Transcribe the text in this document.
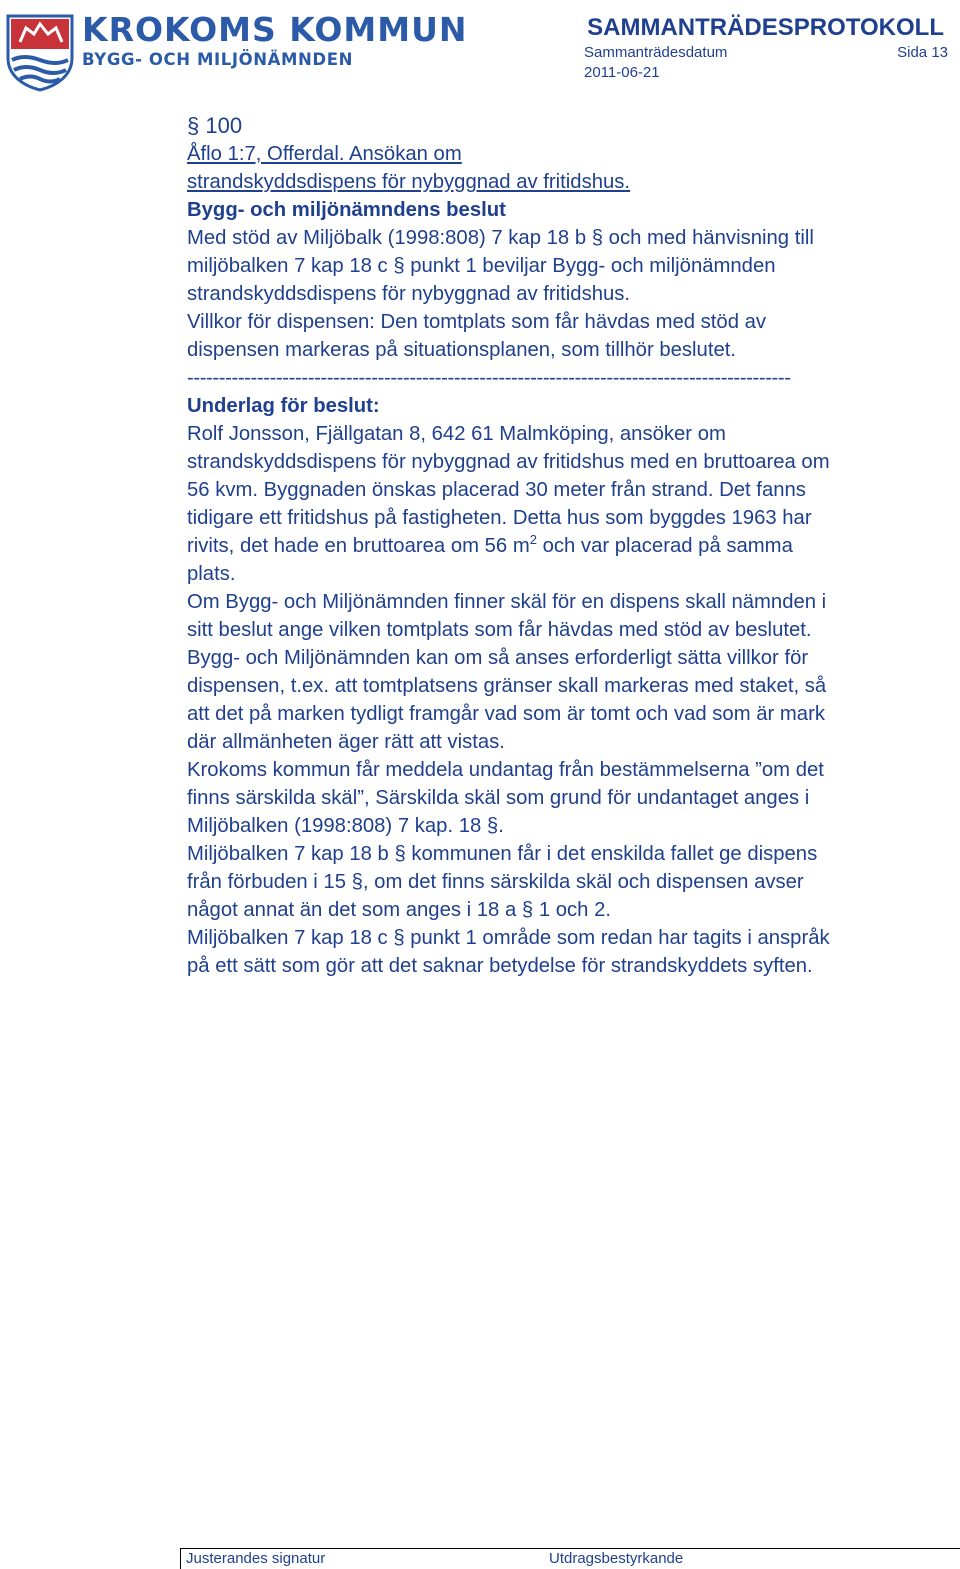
KROKOMS KOMMUN
BYGG- OCH MILJÖNÄMNDEN
SAMMANTRÄDESPROTOKOLL
Sammanträdesdatum	Sida 13
2011-06-21

§ 100

Åflo 1:7, Offerdal. Ansökan om
strandskyddsdispens för nybyggnad av fritidshus.

Bygg- och miljönämndens beslut

Med stöd av Miljöbalk (1998:808) 7 kap 18 b § och med hänvisning till
miljöbalken 7 kap 18 c § punkt 1 beviljar Bygg- och miljönämnden
strandskyddsdispens för nybyggnad av fritidshus.

Villkor för dispensen: Den tomtplats som får hävdas med stöd av
dispensen markeras på situationsplanen, som tillhör beslutet.

-----------------------------------------------------------------------------------------------

Underlag för beslut:

Rolf Jonsson, Fjällgatan 8, 642 61 Malmköping, ansöker om
strandskyddsdispens för nybyggnad av fritidshus med en bruttoarea om
56 kvm. Byggnaden önskas placerad 30 meter från strand. Det fanns
tidigare ett fritidshus på fastigheten. Detta hus som byggdes 1963 har
rivits, det hade en bruttoarea om 56 $m^2$ och var placerad på samma
plats.

Om Bygg- och Miljönämnden finner skäl för en dispens skall nämnden i
sitt beslut ange vilken tomtplats som får hävdas med stöd av beslutet.
Bygg- och Miljönämnden kan om så anses erforderligt sätta villkor för
dispensen, t.ex. att tomtplatsens gränser skall markeras med staket, så
att det på marken tydligt framgår vad som är tomt och vad som är mark
där allmänheten äger rätt att vistas.

Krokoms kommun får meddela undantag från bestämmelserna ”om det
finns särskilda skäl”, Särskilda skäl som grund för undantaget anges i
Miljöbalken (1998:808) 7 kap. 18 §.

Miljöbalken 7 kap 18 b § kommunen får i det enskilda fallet ge dispens
från förbuden i 15 §, om det finns särskilda skäl och dispensen avser
något annat än det som anges i 18 a § 1 och 2.

Miljöbalken 7 kap 18 c § punkt 1 område som redan har tagits i anspråk
på ett sätt som gör att det saknar betydelse för strandskyddets syften.

Justerandes signatur	Utdragsbestyrkande
